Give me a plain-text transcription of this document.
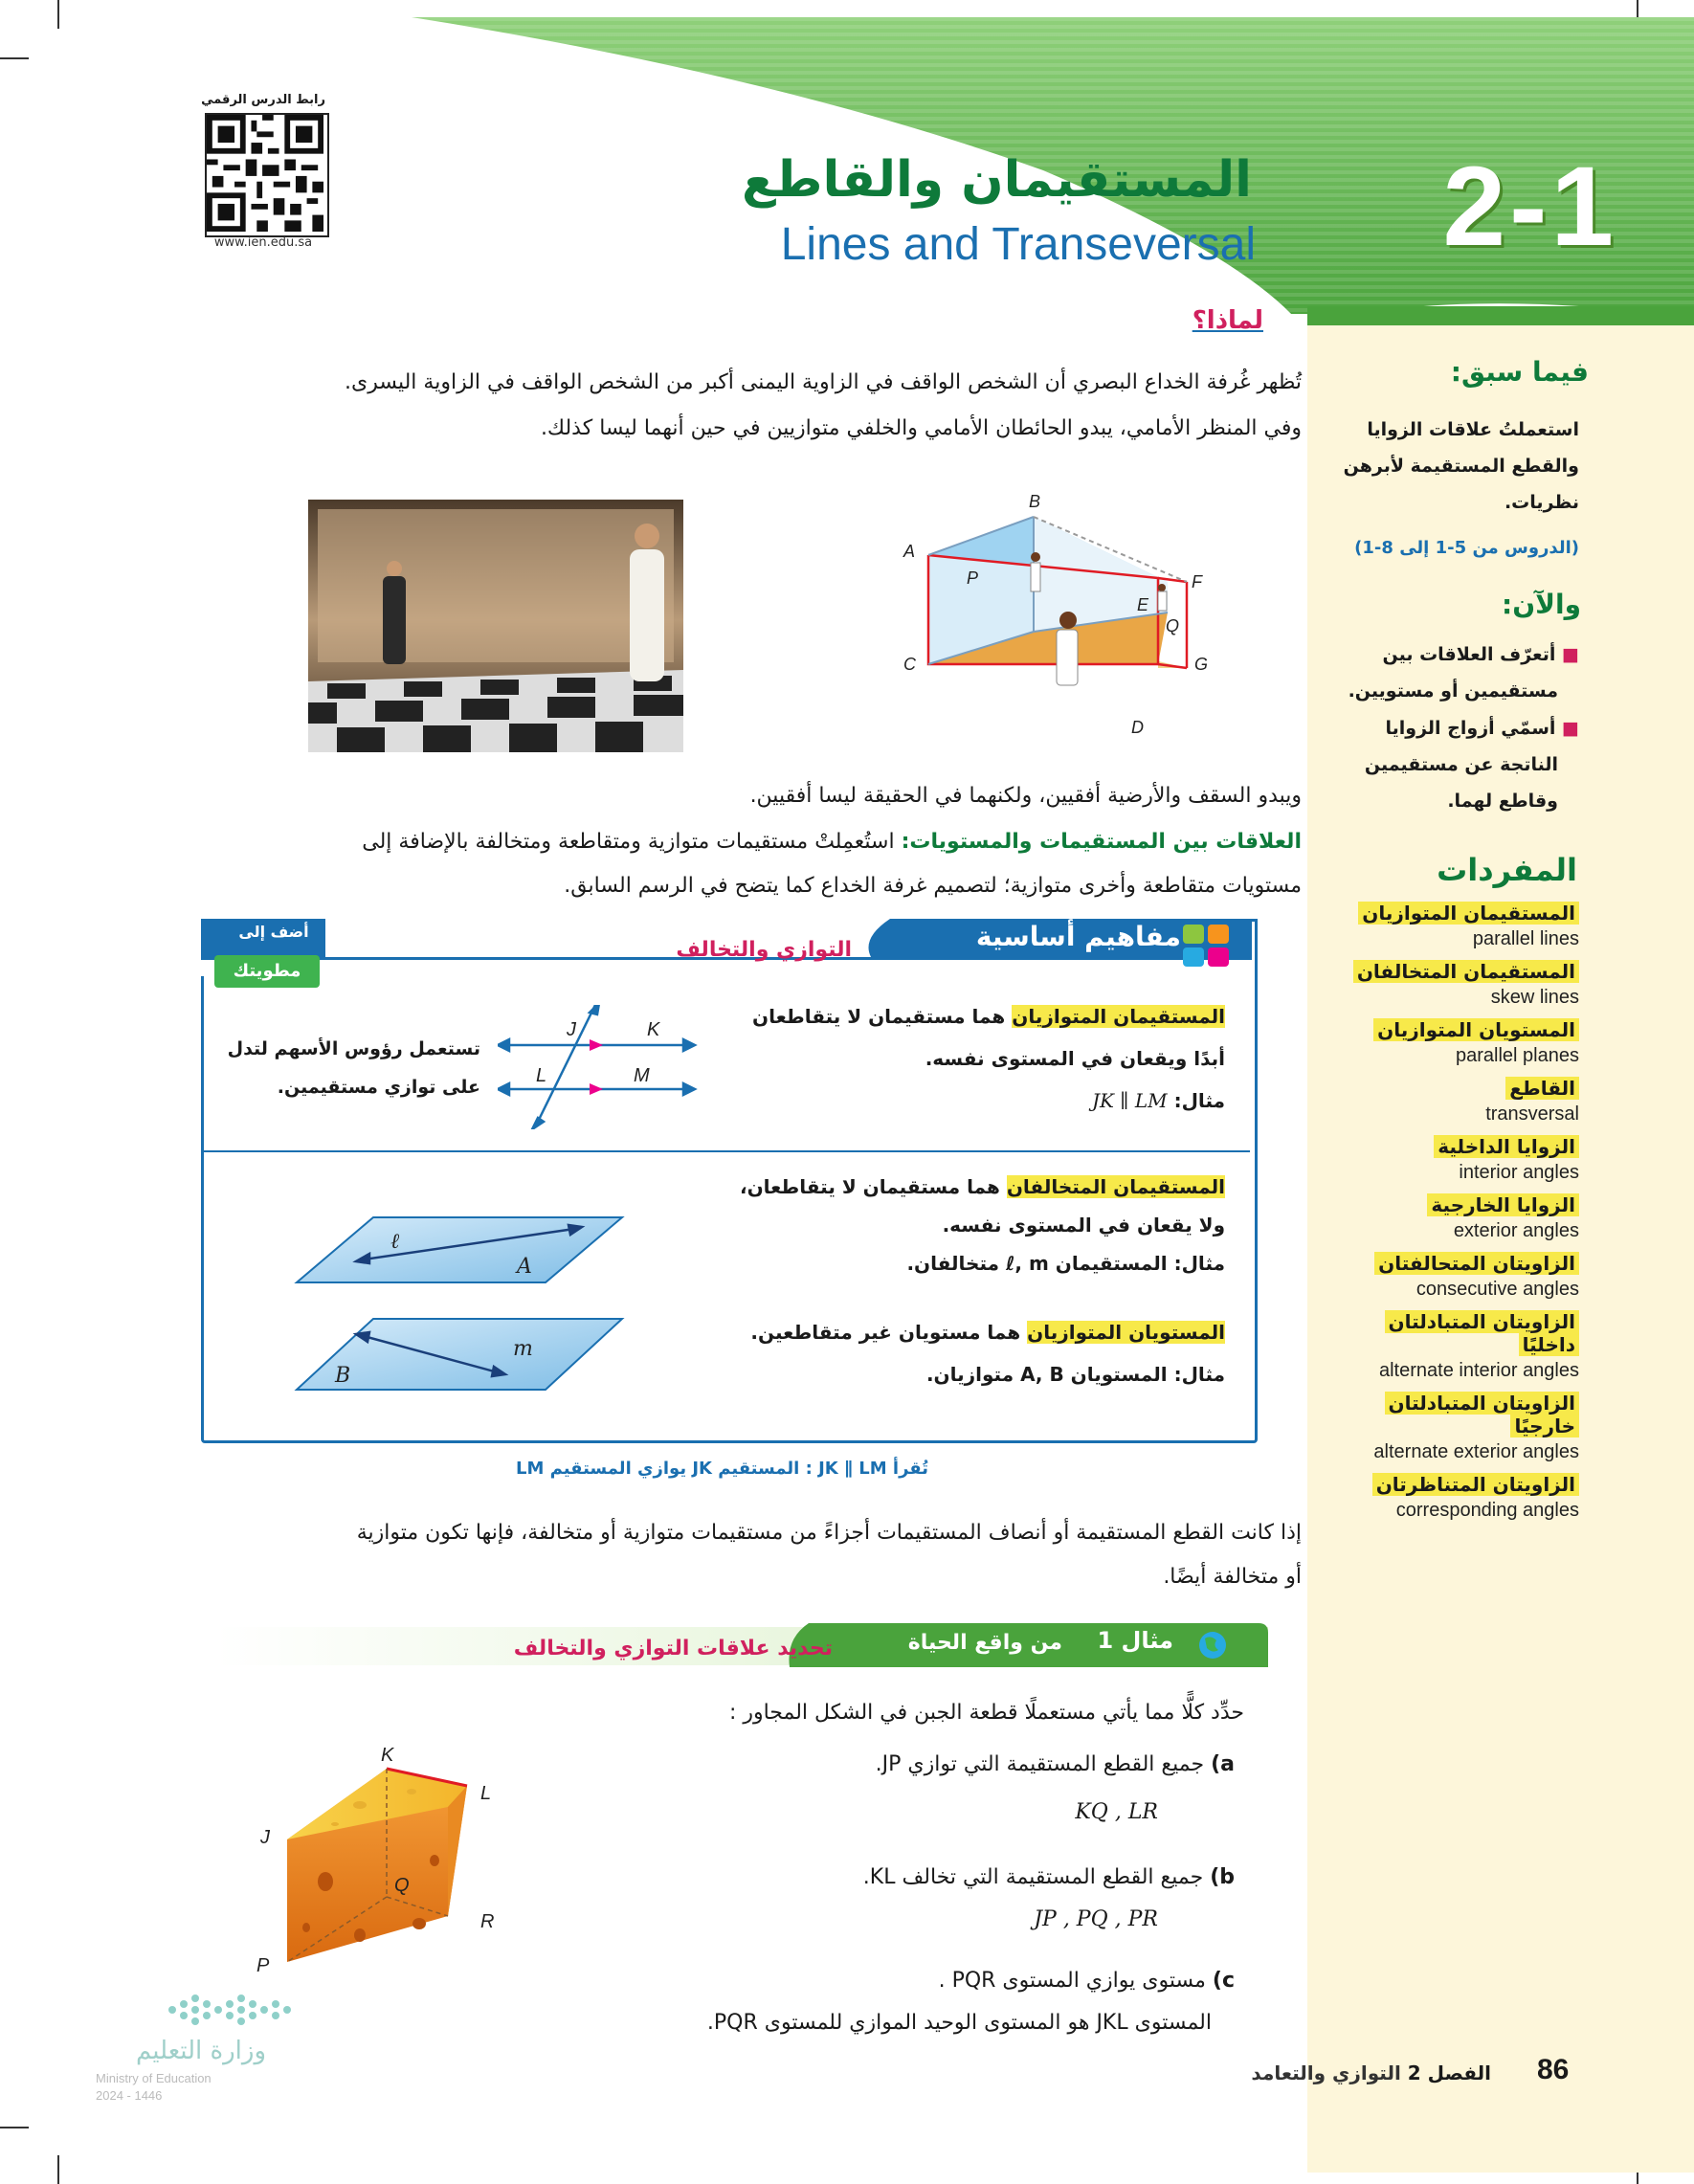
رابط الدرس الرقمي
www.ien.edu.sa
المستقيمان والقاطع
Lines and Transeversal 2-1
فيما سبق:
استعملتُ علاقات الزوايا
والقطع المستقيمة لأبرهن
نظريات.
(الدروس من 5-1 إلى 8-1)
والآن:
■ أتعرّف العلاقات بين
مستقيمين أو مستويين.
■ أسمّي أزواج الزوايا
الناتجة عن مستقيمين
وقاطع لهما.
المفردات
المستقيمان المتوازيان
parallel lines
المستقيمان المتخالفان
skew lines
المستويان المتوازيان
parallel planes
القاطع
transversal
الزوايا الداخلية
interior angles
الزوايا الخارجية
exterior angles
الزاويتان المتحالفتان
consecutive angles
الزاويتان المتبادلتان
داخليًا
alternate interior angles
الزاويتان المتبادلتان
خارجيًا
alternate exterior angles
الزاويتان المتناظرتان
corresponding angles
لماذا؟
تُظهر غُرفة الخداع البصري أن الشخص الواقف في الزاوية اليمنى أكبر من الشخص الواقف في الزاوية اليسرى.
وفي المنظر الأمامي، يبدو الحائطان الأمامي والخلفي متوازيين في حين أنهما ليسا كذلك.
B
A
P
E
F
Q
C	G
D
ويبدو السقف والأرضية أفقيين، ولكنهما في الحقيقة ليسا أفقيين.
العلاقات بين المستقيمات والمستويات: استُعمِلتْ مستقيمات متوازية ومتقاطعة ومتخالفة بالإضافة إلى
مستويات متقاطعة وأخرى متوازية؛ لتصميم غرفة الخداع كما يتضح في الرسم السابق.
مفاهيم أساسية
التوازي والتخالف
أضف إلى
مطويتك
المستقيمان المتوازيان هما مستقيمان لا يتقاطعان
أبدًا ويقعان في المستوى نفسه.
مثال: JK ∥ LM
J	K
L	M
تستعمل رؤوس الأسهم لتدل
على توازي مستقيمين.
المستقيمان المتخالفان هما مستقيمان لا يتقاطعان،
ولا يقعان في المستوى نفسه.
مثال: المستقيمان ℓ, m متخالفان.
المستويان المتوازيان هما مستويان غير متقاطعين.
مثال: المستويان A, B متوازيان.
ℓ
A
m
B
تُقرأ JK ∥ LM : المستقيم JK يوازي المستقيم LM
إذا كانت القطع المستقيمة أو أنصاف المستقيمات أجزاءً من مستقيمات متوازية أو متخالفة، فإنها تكون متوازية
أو متخالفة أيضًا.
مثال 1
من واقع الحياة
تحديد علاقات التوازي والتخالف
حدِّد كلًّا مما يأتي مستعملًا قطعة الجبن في الشكل المجاور :
a) جميع القطع المستقيمة التي توازي JP.
KQ , LR
b) جميع القطع المستقيمة التي تخالف KL.
JP , PQ , PR
c) مستوى يوازي المستوى PQR .
المستوى JKL هو المستوى الوحيد الموازي للمستوى PQR.
K
L
J
Q
R
P
وزارة التعليم
Ministry of Education
2024 - 1446
86
الفصل 2 التوازي والتعامد
